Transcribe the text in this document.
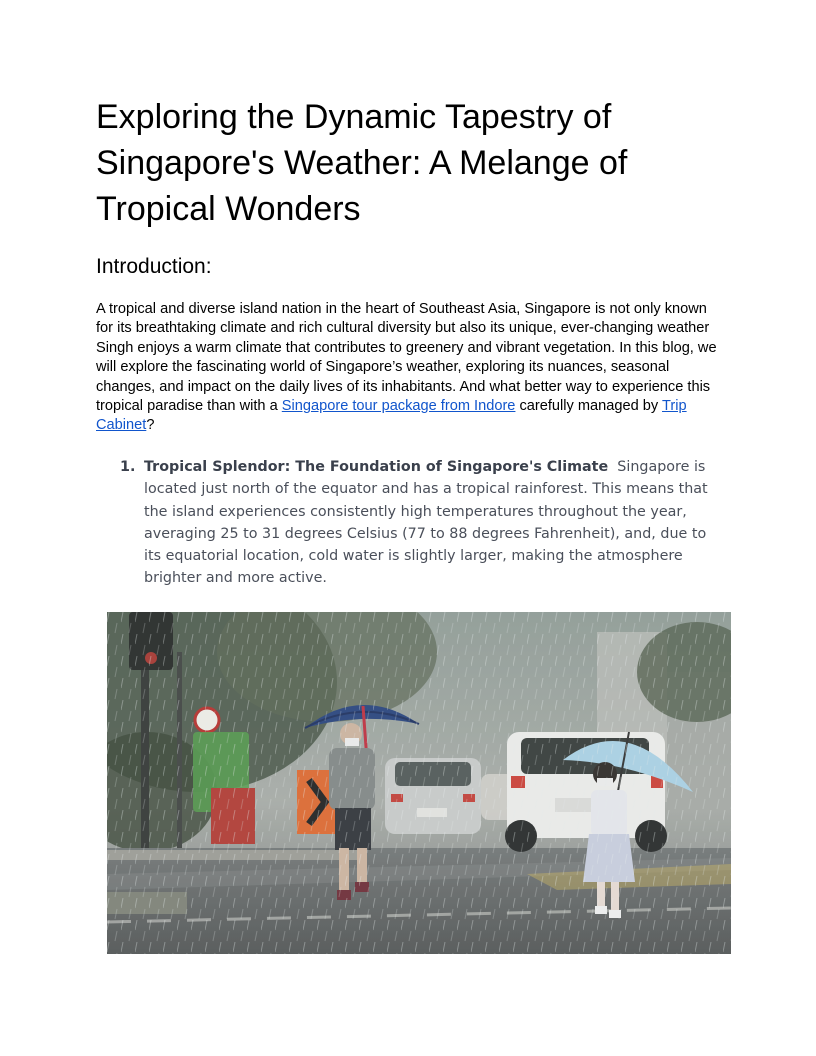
Exploring the Dynamic Tapestry of Singapore's Weather: A Melange of Tropical Wonders
Introduction:

A tropical and diverse island nation in the heart of Southeast Asia, Singapore is not only known for its breathtaking climate and rich cultural diversity but also its unique, ever-changing weather Singh enjoys a warm climate that contributes to greenery and vibrant vegetation. In this blog, we will explore the fascinating world of Singapore’s weather, exploring its nuances, seasonal changes, and impact on the daily lives of its inhabitants. And what better way to experience this tropical paradise than with a Singapore tour package from Indore carefully managed by Trip Cabinet?

1. Tropical Splendor: The Foundation of Singapore's Climate Singapore is located just north of the equator and has a tropical rainforest. This means that the island experiences consistently high temperatures throughout the year, averaging 25 to 31 degrees Celsius (77 to 88 degrees Fahrenheit), and, due to its equatorial location, cold water is slightly larger, making the atmosphere brighter and more active.
